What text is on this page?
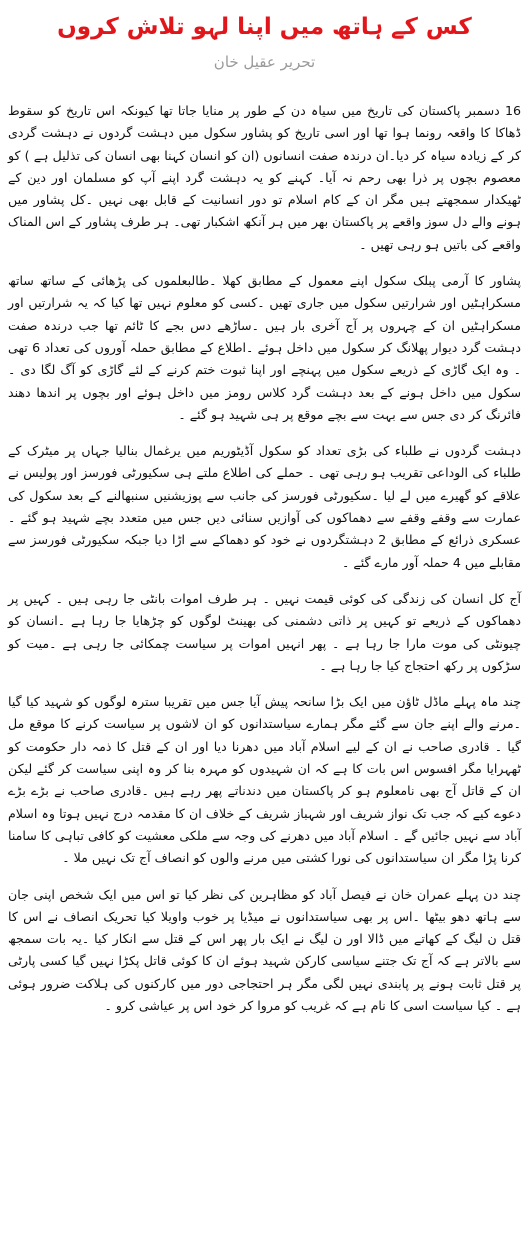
کس کے ہاتھ میں اپنا لہو تلاش کروں
تحریر عقیل خان

16 دسمبر پاکستان کی تاریخ میں سیاہ دن کے طور پر منایا جاتا تھا کیونکہ اس تاریخ کو سقوط ڈھاکا کا واقعہ رونما ہوا تھا اور اسی تاریخ کو پشاور سکول میں دہشت گردوں نے دہشت گردی کر کے زیادہ سیاہ کر دیا۔ان درندہ صفت انسانوں (ان کو انسان کہنا بھی انسان کی تذلیل ہے ) کو معصوم بچوں پر ذرا بھی رحم نہ آیا۔ کہنے کو یہ دہشت گرد اپنے آپ کو مسلمان اور دین کے ٹھیکدار سمجھتے ہیں مگر ان کے کام اسلام تو دور انسانیت کے قابل بھی نہیں ۔کل پشاور میں ہونے والے دل سوز واقعے پر پاکستان بھر میں ہر آنکھ اشکبار تھی۔ ہر طرف پشاور کے اس المناک واقعے کی باتیں ہو رہی تھیں ۔

پشاور کا آرمی پبلک سکول اپنے معمول کے مطابق کھلا ۔طالبعلموں کی پڑھائی کے ساتھ ساتھ مسکراہٹیں اور شرارتیں سکول میں جاری تھیں ۔کسی کو معلوم نہیں تھا کیا کہ یہ شرارتیں اور مسکراہٹیں ان کے چہروں پر آج آخری بار ہیں ۔ساڑھے دس بجے کا ٹائم تھا جب درندہ صفت دہشت گرد دیوار پھلانگ کر سکول میں داخل ہوئے ۔اطلاع کے مطابق حملہ آوروں کی تعداد 6 تھی ۔ وہ ایک گاڑی کے ذریعے سکول میں پہنچے اور اپنا ثبوت ختم کرنے کے لئے گاڑی کو آگ لگا دی ۔سکول میں داخل ہونے کے بعد دہشت گرد کلاس رومز میں داخل ہوئے اور بچوں پر اندھا دھند فائرنگ کر دی جس سے بہت سے بچے موقع پر ہی شہید ہو گئے ۔

دہشت گردوں نے طلباء کی بڑی تعداد کو سکول آڈیٹوریم میں یرغمال بنالیا جہاں پر میٹرک کے طلباء کی الوداعی تقریب ہو رہی تھی ۔ حملے کی اطلاع ملتے ہی سکیورٹی فورسز اور پولیس نے علاقے کو گھیرے میں لے لیا ۔سکیورٹی فورسز کی جانب سے پوزیشنیں سنبھالنے کے بعد سکول کی عمارت سے وقفے وقفے سے دھماکوں کی آوازیں سنائی دیں جس میں متعدد بچے شہید ہو گئے ۔عسکری ذرائع کے مطابق 2 دہشتگردوں نے خود کو دھماکے سے اڑا دیا جبکہ سکیورٹی فورسز سے مقابلے میں 4 حملہ آور مارے گئے ۔

آج کل انسان کی زندگی کی کوئی قیمت نہیں ۔ ہر طرف اموات بانٹی جا رہی ہیں ۔ کہیں پر دھماکوں کے ذریعے تو کہیں پر ذاتی دشمنی کی بھینٹ لوگوں کو چڑھایا جا رہا ہے ۔انسان کو چیونٹی کی موت مارا جا رہا ہے ۔ پھر انہیں اموات پر سیاست چمکائی جا رہی ہے ۔میت کو سڑکوں پر رکھ احتجاج کیا جا رہا ہے ۔

چند ماہ پہلے ماڈل ٹاؤن میں ایک بڑا سانحہ پیش آیا جس میں تقریبا سترہ لوگوں کو شہید کیا گیا ۔مرنے والے اپنے جان سے گئے مگر ہمارے سیاستدانوں کو ان لاشوں پر سیاست کرنے کا موقع مل گیا ۔ قادری صاحب نے ان کے لیے اسلام آباد میں دھرنا دیا اور ان کے قتل کا ذمہ دار حکومت کو ٹھہرایا مگر افسوس اس بات کا ہے کہ ان شہیدوں کو مہرہ بنا کر وہ اپنی سیاست کر گئے لیکن ان کے قاتل آج بھی نامعلوم ہو کر پاکستان میں دندناتے پھر رہے ہیں ۔قادری صاحب نے بڑے بڑے دعوے کیے کہ جب تک نواز شریف اور شہباز شریف کے خلاف ان کا مقدمہ درج نہیں ہوتا وہ اسلام آباد سے نہیں جائیں گے ۔ اسلام آباد میں دھرنے کی وجہ سے ملکی معشیت کو کافی تباہی کا سامنا کرنا پڑا مگر ان سیاستدانوں کی نورا کشتی میں مرنے والوں کو انصاف آج تک نہیں ملا ۔

چند دن پہلے عمران خان نے فیصل آباد کو مظاہرین کی نظر کیا تو اس میں ایک شخص اپنی جان سے ہاتھ دھو بیٹھا ۔اس پر بھی سیاستدانوں نے میڈیا پر خوب واویلا کیا تحریک انصاف نے اس کا قتل ن لیگ کے کھاتے میں ڈالا اور ن لیگ نے ایک بار پھر اس کے قتل سے انکار کیا ۔یہ بات سمجھ سے بالاتر ہے کہ آج تک جتنے سیاسی کارکن شہید ہوئے ان کا کوئی قاتل پکڑا نہیں گیا کسی پارٹی پر قتل ثابت ہونے پر پابندی نہیں لگی مگر ہر احتجاجی دور میں کارکنوں کی ہلاکت ضرور ہوئی ہے ۔ کیا سیاست اسی کا نام ہے کہ غریب کو مروا کر خود اس پر عیاشی کرو ۔
